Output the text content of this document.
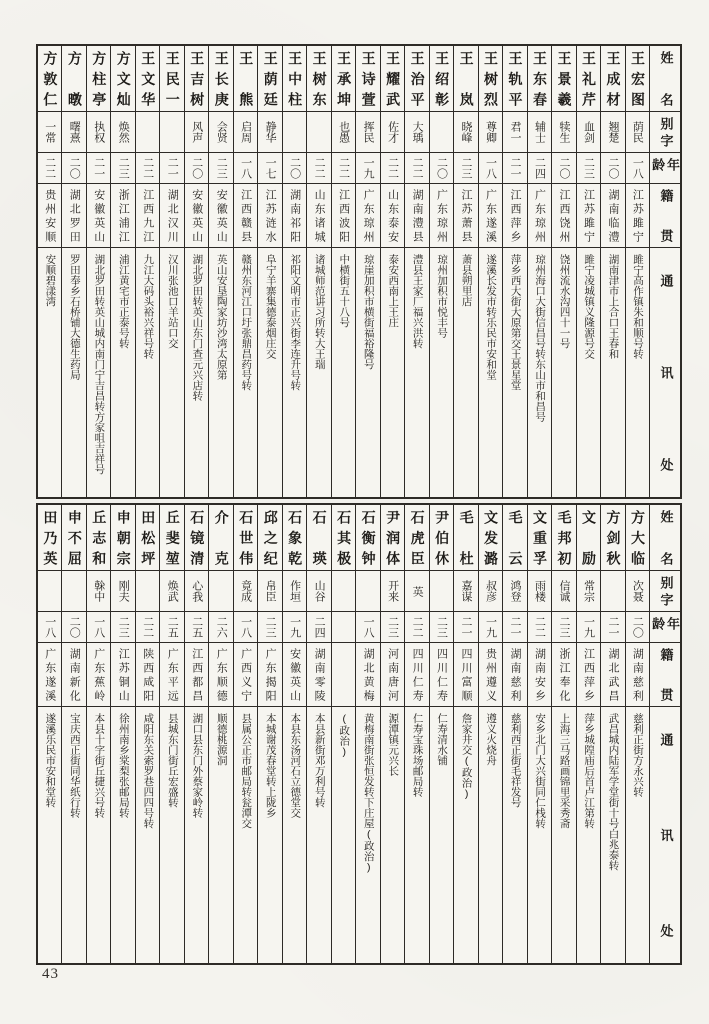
姓名
别字
年龄
籍贯
通讯处
王宏图
荫民
一八
江苏雎宁
雎宁高作镇朱和顺号转
王成材
翘楚
二〇
湖南临澧
湖南津市上合口王春和
王礼芹
血剑
二三
江苏雎宁
雎宁凌城镇义隆源号交
王景羲
犊生
二〇
江西饶州
饶州流水沟四十一号
王东春
辅士
二四
广东琼州
琼州海口大街信昌号转东山市和昌号
王轨平
君一
二一
江西萍乡
萍乡西大街大原第交王景星堂
王树烈
尊卿
一八
广东遂溪
遂溪长发市转乐民市安和堂
王岚
晓峰
二三
江苏萧县
萧县朔里店
王绍彰
二〇
广东琼州
琼州加积市悦丰号
王治平
大瑀
二二
湖南澧县
澧县王家厂福兴洪转
王耀武
佐才
二二
山东泰安
泰安西南上王庄
王诗萱
挥民
一九
广东琼州
琼崖加积市横街福裕隆号
王承坤
也愚
二二
江西波阳
中横街五十八号
王树东
二二
山东诸城
诸城师范讲习所转大王瑞
王中柱
二〇
湖南祁阳
祁阳文明市正兴街李连升号转
王荫廷
静华
一七
江苏涟水
阜宁羊寨集德泰烟庄交
王熊
启周
一八
江西赣县
赣州东河江口圩张鼎昌药号转
王长庚
会贤
二三
安徽英山
英山安垦陶家坊沙湾太原第
王吉树
风声
二〇
安徽英山
湖北罗田转英山东门查元兴店转
王民一
二一
湖北汉川
汉川张池口羊站口交
王文华
二二
江西九江
九江大码头裕兴祥号转
方文灿
焕然
二三
浙江浦江
浦江黄宅市正泰号转
方柱亭
执权
二一
安徽英山
湖北罗田转英山城内南门宁吉昌转方家咀吉祥号
方暾
曙熹
二〇
湖北罗田
罗田奉乡石桥铺大德生药局
方敦仁
一常
二二
贵州安顺
安顺碧漾湾
姓名
别字
年龄
籍贯
通讯处
方大临
次聂
二〇
湖南慈利
慈利正街方永兴转
方剑秋
二一
湖北武昌
武昌城内陆军学堂街十号白兆泰转
文励
常宗
一九
江西萍乡
萍乡城隍庙后首卢江第转
毛邦初
信诚
二三
浙江奉化
上海三马路画锦里采秀斋
文重孚
雨楼
二二
湖南安乡
安乡北门大兴街同仁栈转
毛云
鸿登
二一
湖南慈利
慈利西正街毛祥发号
文发潞
叔彦
一九
贵州遵义
遵义火烧舟
毛杜
嘉谋
二一
四川富顺
詹家井交(政治)
尹伯休
二三
四川仁寿
仁寿清水铺
石虎臣
英
二二
四川仁寿
仁寿宝珠场邮局转
尹润体
开来
二三
河南唐河
源潭镇元兴长
石衡钟
一八
湖北黄梅
黄梅南街张恒发转下庄屋(政治)
石其极
(政治)
石瑛
山谷
二四
湖南零陵
本县新街邓万利号转
石象乾
作垣
一九
安徽英山
本县东汤河石立德堂交
邱之纪
帛臣
二三
广东揭阳
本城谢茂春堂转上陇乡
石世伟
竟成
一八
广西义宁
县属公正市邮局转瓮潭交
介克
二六
广东顺德
顺德桃源洞
石镜清
心我
二五
江西都昌
湖口县东门外蔡家岭转
丘斐堃
焕武
二五
广东平远
县城东门街丘宏盛转
田松坪
二二
陕西咸阳
咸阳东关索罗巷四四号转
申朝宗
刚夫
二三
江苏铜山
徐州南乡棠梨张邮局转
丘志和
榦中
一八
广东蕉岭
本县十字街丘捷兴号转
申不屈
二〇
湖南新化
宝庆西正街同华纸行转
田乃英
一八
广东遂溪
遂溪乐民市安和堂转
43
